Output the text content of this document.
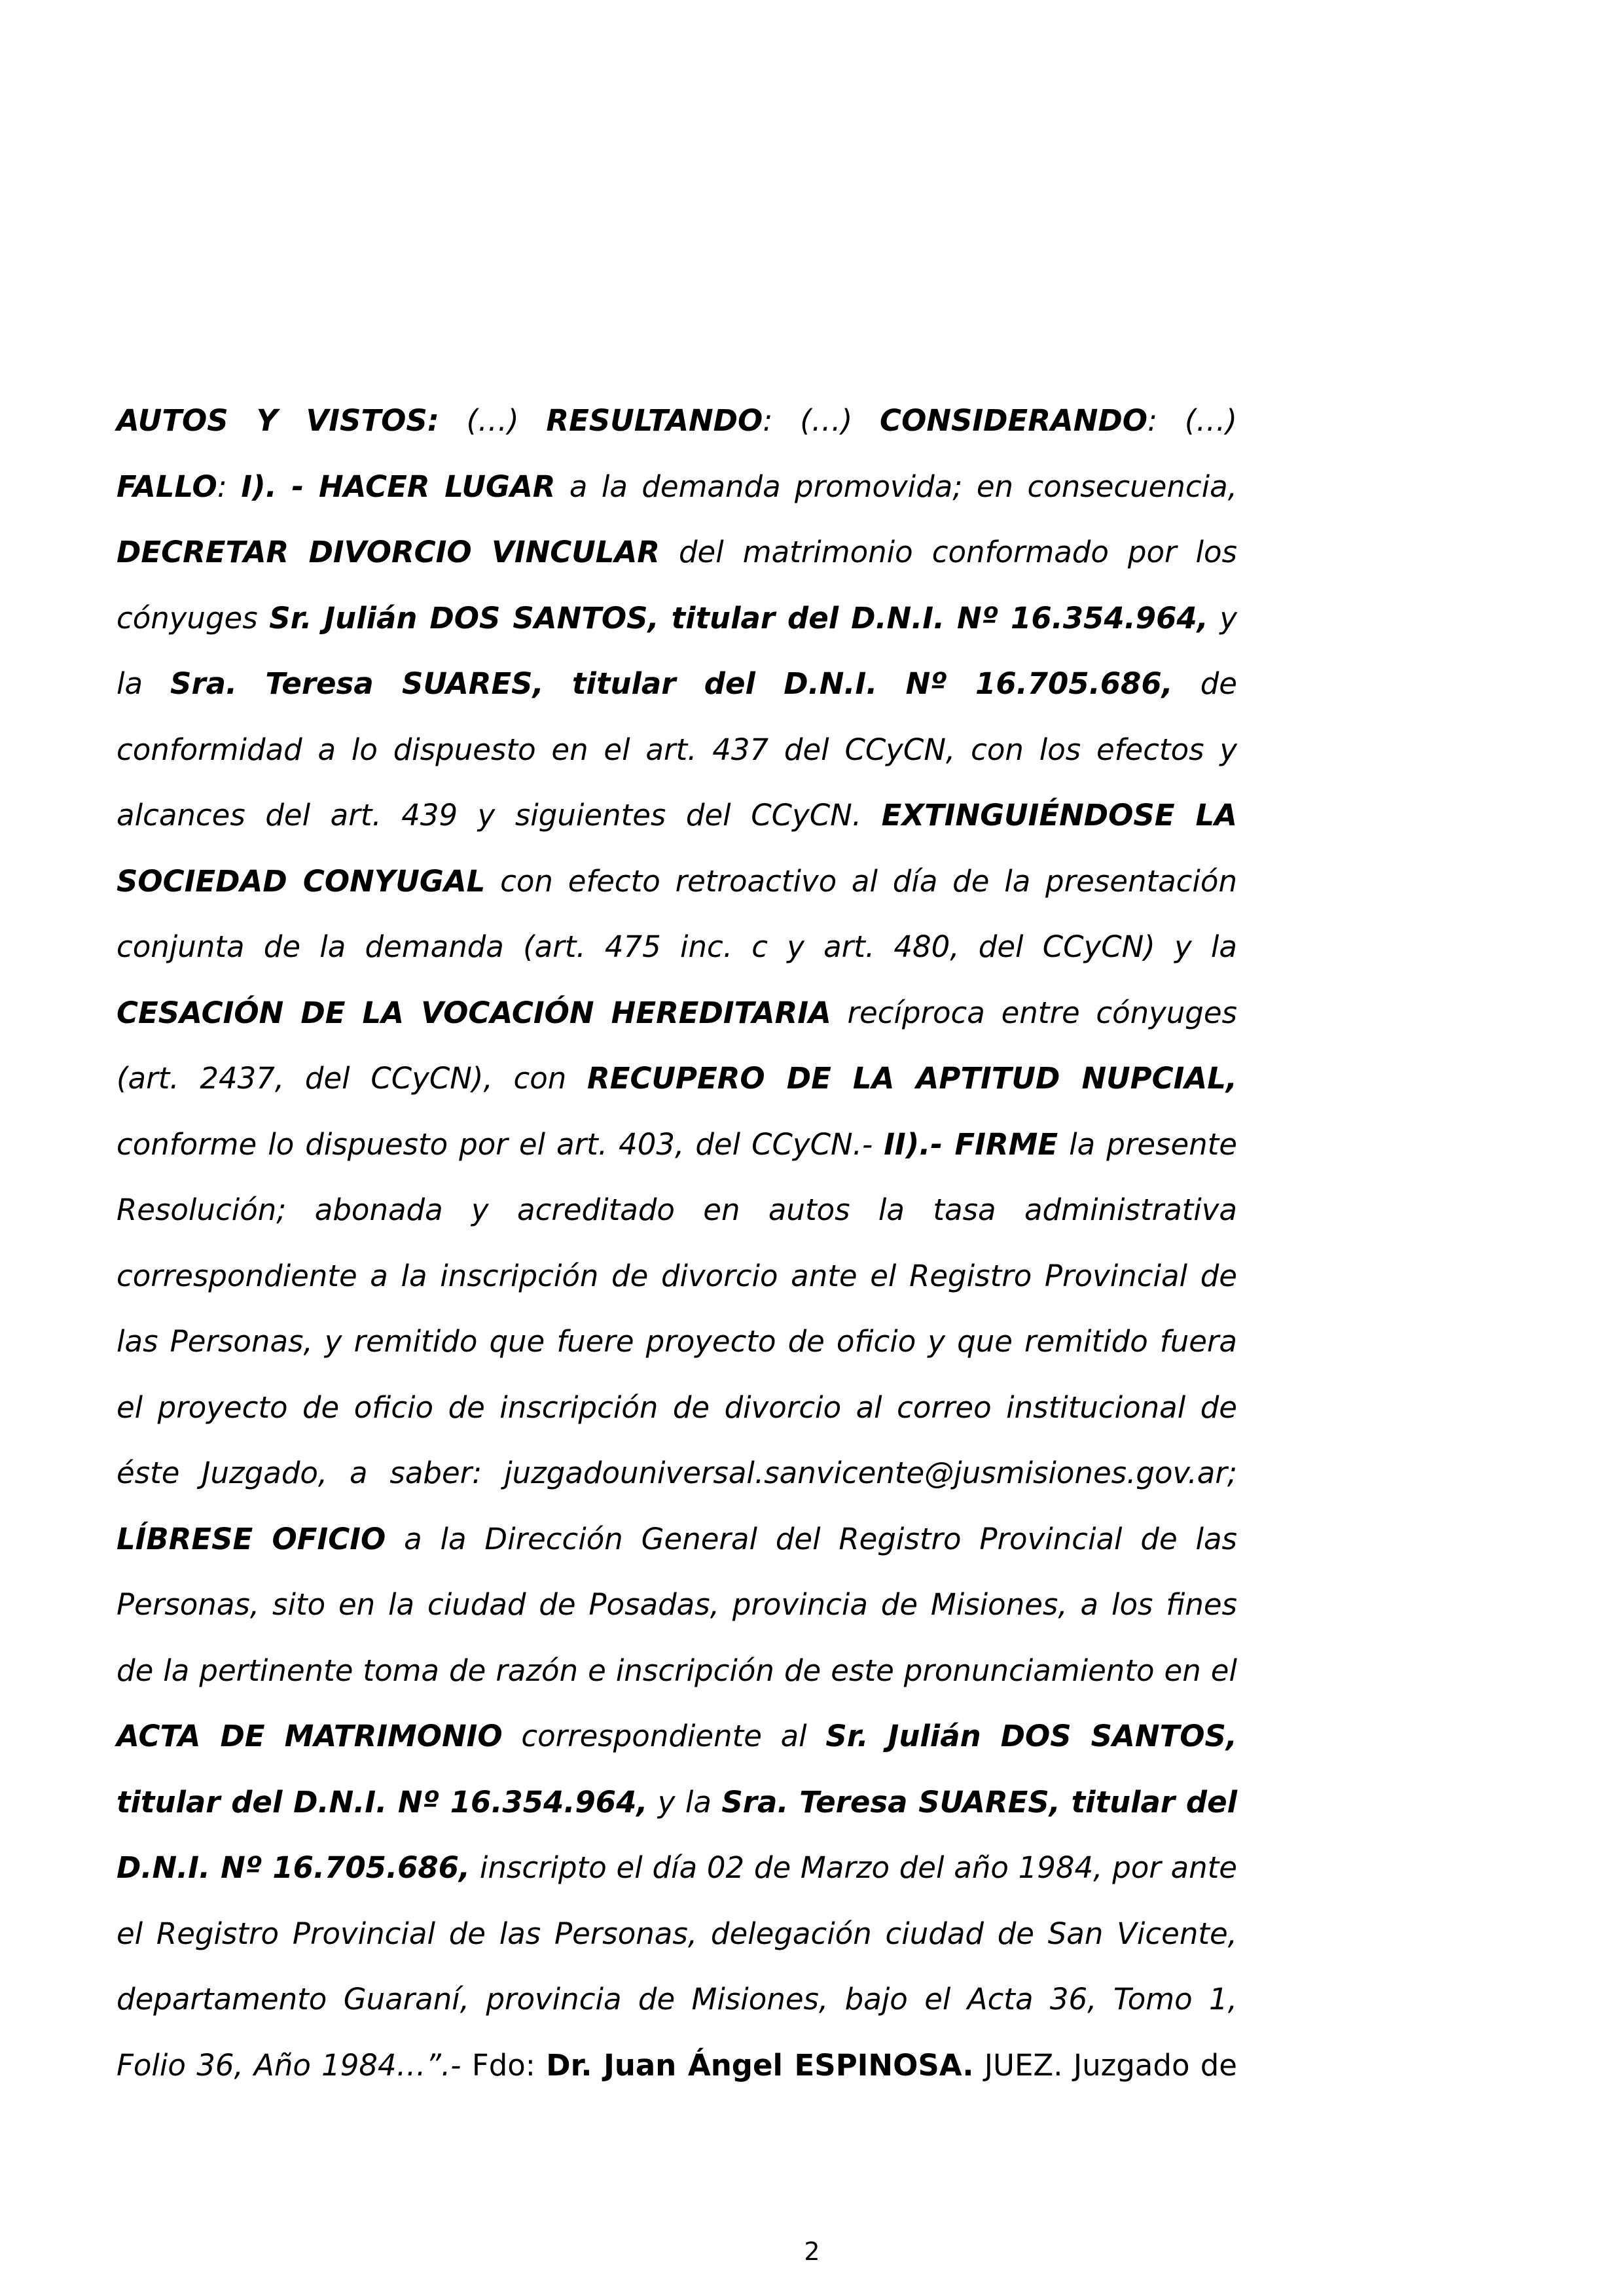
AUTOS Y VISTOS: (…) RESULTANDO: (…) CONSIDERANDO: (…)

FALLO: I). - HACER LUGAR a la demanda promovida; en consecuencia,

DECRETAR DIVORCIO VINCULAR del matrimonio conformado por los

cónyuges Sr. Julián DOS SANTOS, titular del D.N.I. Nº 16.354.964, y

la Sra. Teresa SUARES, titular del D.N.I. Nº 16.705.686, de

conformidad a lo dispuesto en el art. 437 del CCyCN, con los efectos y

alcances del art. 439 y siguientes del CCyCN. EXTINGUIÉNDOSE LA

SOCIEDAD CONYUGAL con efecto retroactivo al día de la presentación

conjunta de la demanda (art. 475 inc. c y art. 480, del CCyCN) y la

CESACIÓN DE LA VOCACIÓN HEREDITARIA recíproca entre cónyuges

(art. 2437, del CCyCN), con RECUPERO DE LA APTITUD NUPCIAL,

conforme lo dispuesto por el art. 403, del CCyCN.- II).- FIRME la presente

Resolución; abonada y acreditado en autos la tasa administrativa

correspondiente a la inscripción de divorcio ante el Registro Provincial de

las Personas, y remitido que fuere proyecto de oficio y que remitido fuera

el proyecto de oficio de inscripción de divorcio al correo institucional de

éste Juzgado, a saber: juzgadouniversal.sanvicente@jusmisiones.gov.ar;

LÍBRESE OFICIO a la Dirección General del Registro Provincial de las

Personas, sito en la ciudad de Posadas, provincia de Misiones, a los fines

de la pertinente toma de razón e inscripción de este pronunciamiento en el

ACTA DE MATRIMONIO correspondiente al Sr. Julián DOS SANTOS,

titular del D.N.I. Nº 16.354.964, y la Sra. Teresa SUARES, titular del

D.N.I. Nº 16.705.686, inscripto el día 02 de Marzo del año 1984, por ante

el Registro Provincial de las Personas, delegación ciudad de San Vicente,

departamento Guaraní, provincia de Misiones, bajo el Acta 36, Tomo 1,

Folio 36, Año 1984…”.- Fdo: Dr. Juan Ángel ESPINOSA. JUEZ. Juzgado de

2
